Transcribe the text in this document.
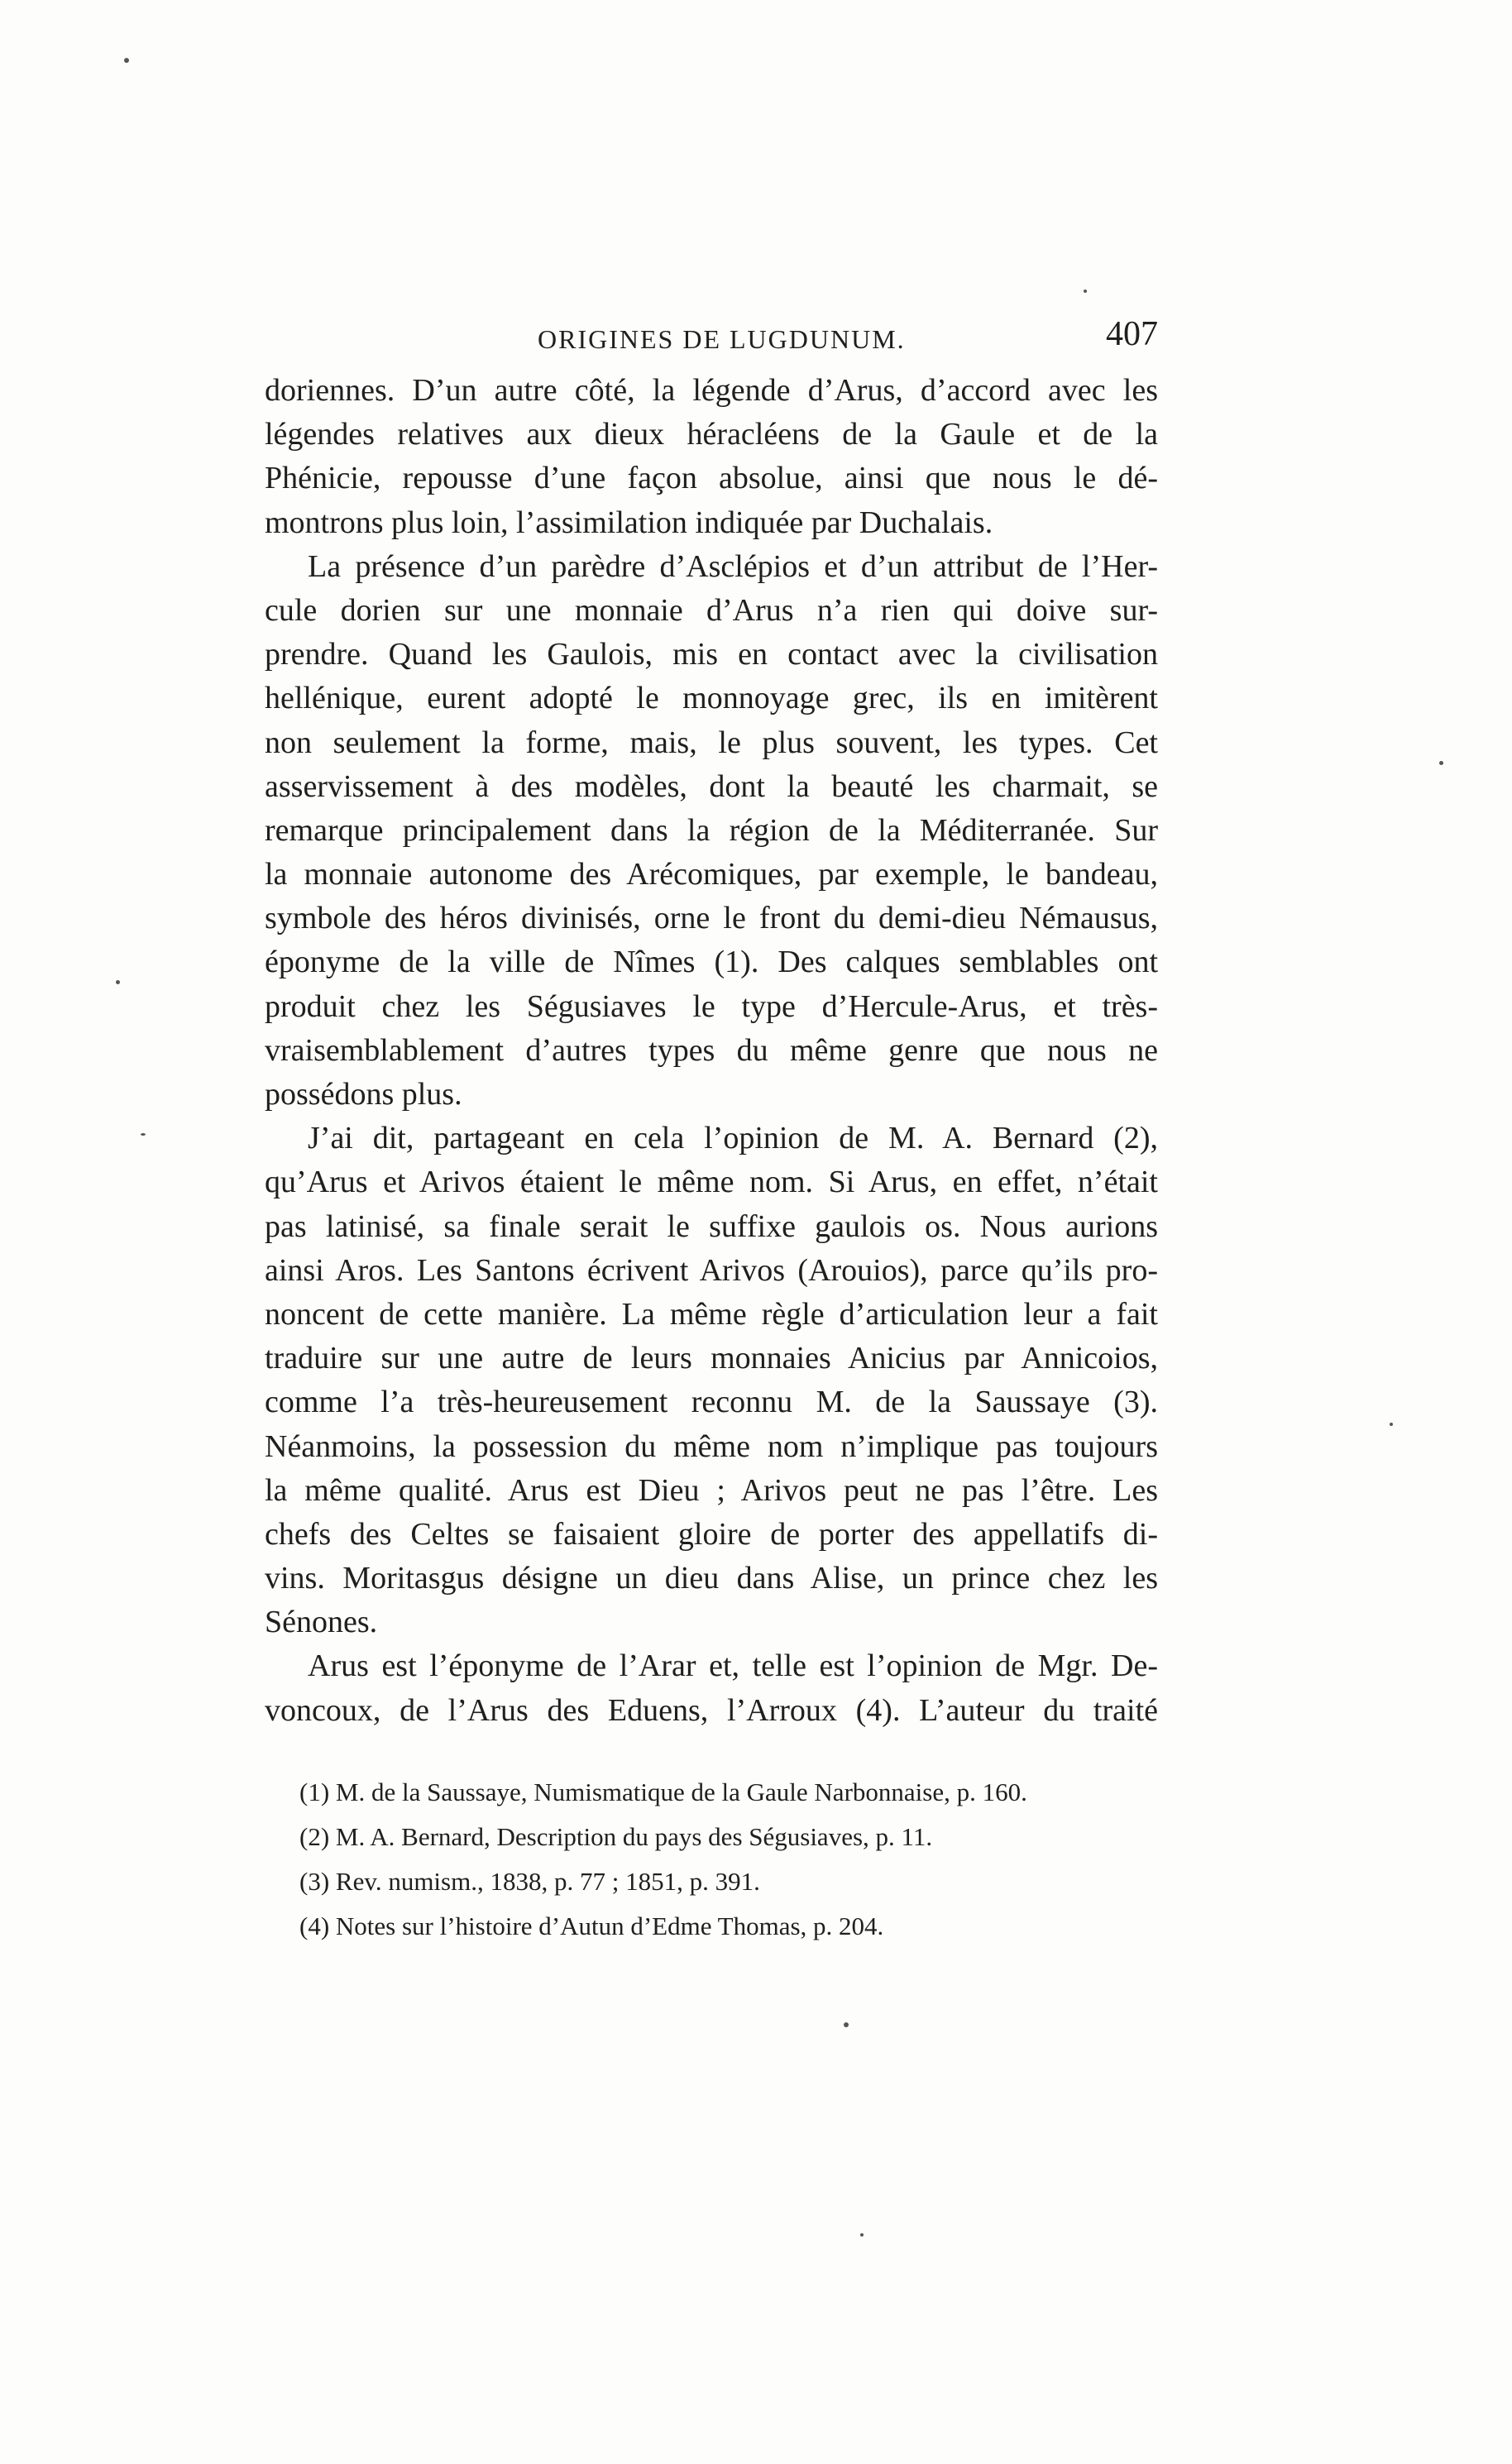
ORIGINES DE LUGDUNUM.	407
doriennes. D’un autre côté, la légende d’Arus, d’accord avec les
légendes relatives aux dieux héracléens de la Gaule et de la
Phénicie, repousse d’une façon absolue, ainsi que nous le dé-
montrons plus loin, l’assimilation indiquée par Duchalais.
La présence d’un parèdre d’Asclépios et d’un attribut de l’Her-
cule dorien sur une monnaie d’Arus n’a rien qui doive sur-
prendre. Quand les Gaulois, mis en contact avec la civilisation
hellénique, eurent adopté le monnoyage grec, ils en imitèrent
non seulement la forme, mais, le plus souvent, les types. Cet
asservissement à des modèles, dont la beauté les charmait, se
remarque principalement dans la région de la Méditerranée. Sur
la monnaie autonome des Arécomiques, par exemple, le bandeau,
symbole des héros divinisés, orne le front du demi-dieu Némausus,
éponyme de la ville de Nîmes (1). Des calques semblables ont
produit chez les Ségusiaves le type d’Hercule-Arus, et très-
vraisemblablement d’autres types du même genre que nous ne
possédons plus.
J’ai dit, partageant en cela l’opinion de M. A. Bernard (2),
qu’Arus et Arivos étaient le même nom. Si Arus, en effet, n’était
pas latinisé, sa finale serait le suffixe gaulois os. Nous aurions
ainsi Aros. Les Santons écrivent Arivos (Arouios), parce qu’ils pro-
noncent de cette manière. La même règle d’articulation leur a fait
traduire sur une autre de leurs monnaies Anicius par Annicoios,
comme l’a très-heureusement reconnu M. de la Saussaye (3).
Néanmoins, la possession du même nom n’implique pas toujours
la même qualité. Arus est Dieu ; Arivos peut ne pas l’être. Les
chefs des Celtes se faisaient gloire de porter des appellatifs di-
vins. Moritasgus désigne un dieu dans Alise, un prince chez les
Sénones.
Arus est l’éponyme de l’Arar et, telle est l’opinion de Mgr. De-
voncoux, de l’Arus des Eduens, l’Arroux (4). L’auteur du traité
(1) M. de la Saussaye, Numismatique de la Gaule Narbonnaise, p. 160.
(2) M. A. Bernard, Description du pays des Ségusiaves, p. 11.
(3) Rev. numism., 1838, p. 77 ; 1851, p. 391.
(4) Notes sur l’histoire d’Autun d’Edme Thomas, p. 204.
